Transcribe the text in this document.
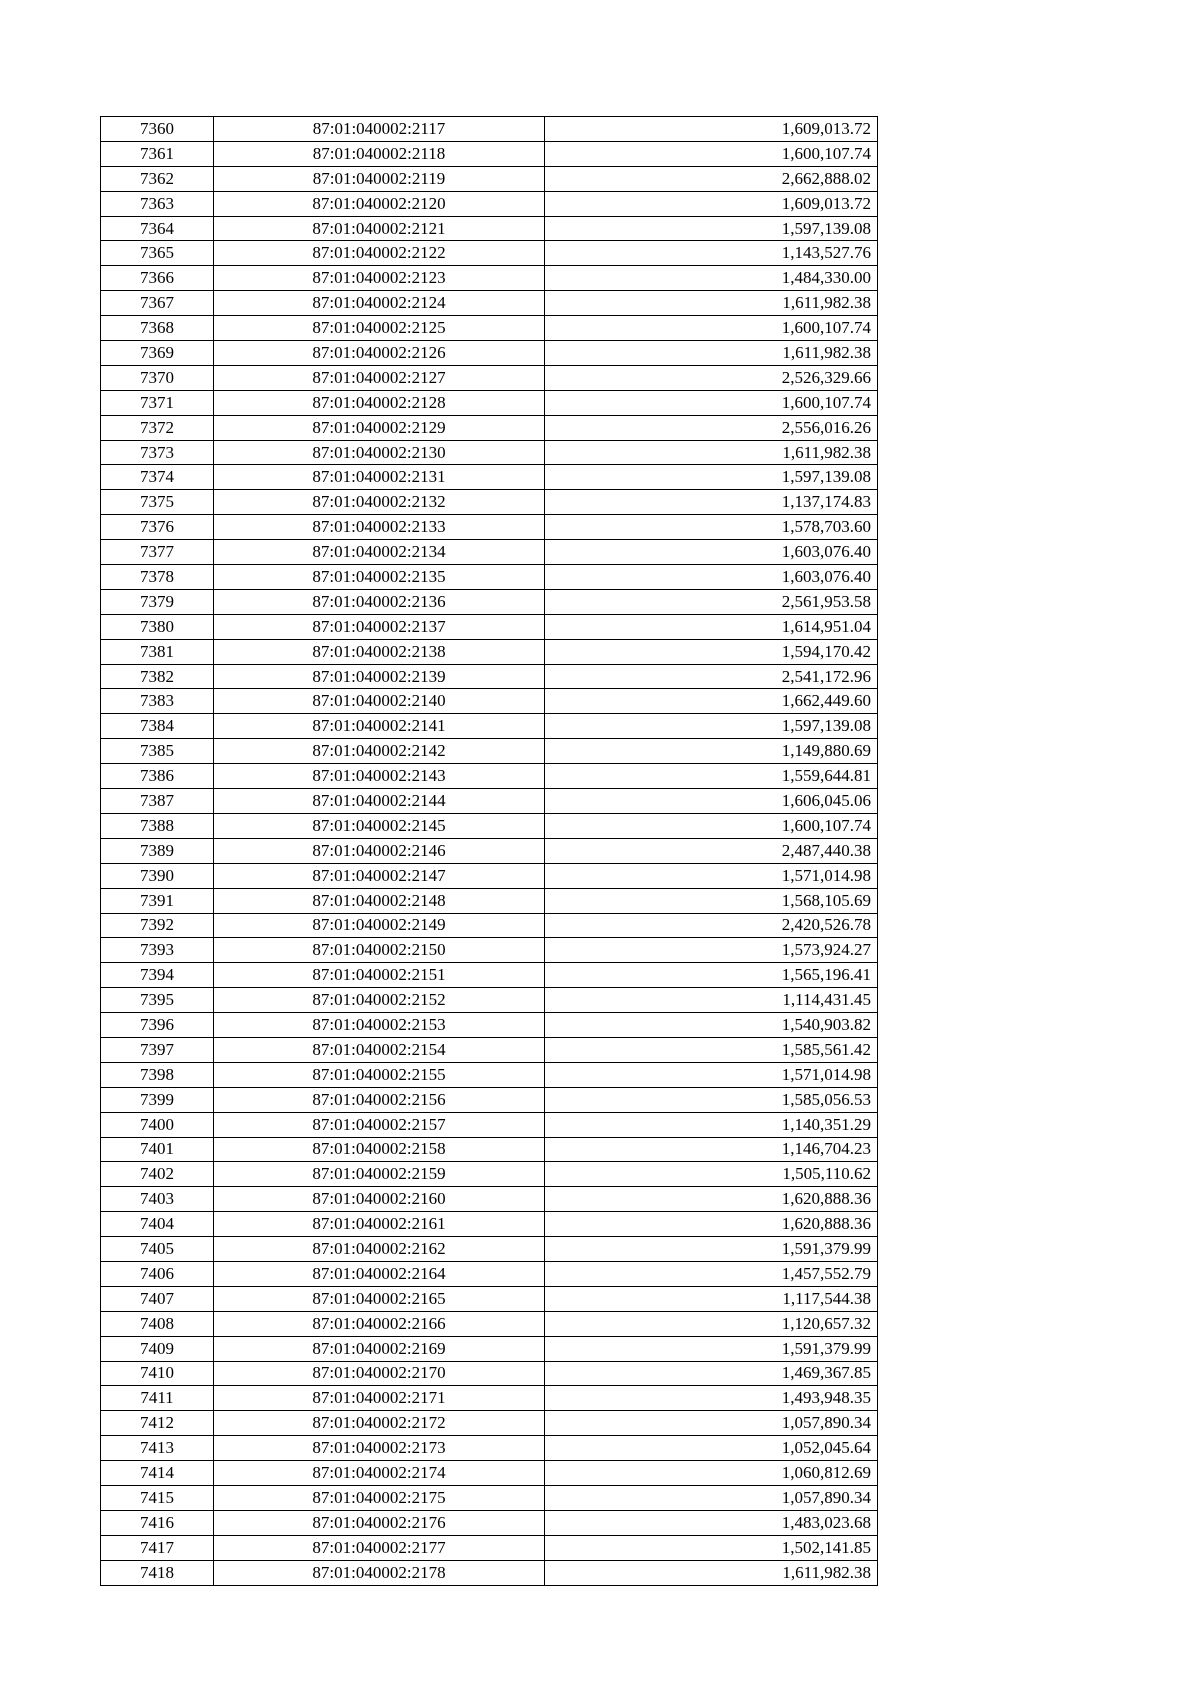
7360	87:01:040002:2117	1,609,013.72
7361	87:01:040002:2118	1,600,107.74
7362	87:01:040002:2119	2,662,888.02
7363	87:01:040002:2120	1,609,013.72
7364	87:01:040002:2121	1,597,139.08
7365	87:01:040002:2122	1,143,527.76
7366	87:01:040002:2123	1,484,330.00
7367	87:01:040002:2124	1,611,982.38
7368	87:01:040002:2125	1,600,107.74
7369	87:01:040002:2126	1,611,982.38
7370	87:01:040002:2127	2,526,329.66
7371	87:01:040002:2128	1,600,107.74
7372	87:01:040002:2129	2,556,016.26
7373	87:01:040002:2130	1,611,982.38
7374	87:01:040002:2131	1,597,139.08
7375	87:01:040002:2132	1,137,174.83
7376	87:01:040002:2133	1,578,703.60
7377	87:01:040002:2134	1,603,076.40
7378	87:01:040002:2135	1,603,076.40
7379	87:01:040002:2136	2,561,953.58
7380	87:01:040002:2137	1,614,951.04
7381	87:01:040002:2138	1,594,170.42
7382	87:01:040002:2139	2,541,172.96
7383	87:01:040002:2140	1,662,449.60
7384	87:01:040002:2141	1,597,139.08
7385	87:01:040002:2142	1,149,880.69
7386	87:01:040002:2143	1,559,644.81
7387	87:01:040002:2144	1,606,045.06
7388	87:01:040002:2145	1,600,107.74
7389	87:01:040002:2146	2,487,440.38
7390	87:01:040002:2147	1,571,014.98
7391	87:01:040002:2148	1,568,105.69
7392	87:01:040002:2149	2,420,526.78
7393	87:01:040002:2150	1,573,924.27
7394	87:01:040002:2151	1,565,196.41
7395	87:01:040002:2152	1,114,431.45
7396	87:01:040002:2153	1,540,903.82
7397	87:01:040002:2154	1,585,561.42
7398	87:01:040002:2155	1,571,014.98
7399	87:01:040002:2156	1,585,056.53
7400	87:01:040002:2157	1,140,351.29
7401	87:01:040002:2158	1,146,704.23
7402	87:01:040002:2159	1,505,110.62
7403	87:01:040002:2160	1,620,888.36
7404	87:01:040002:2161	1,620,888.36
7405	87:01:040002:2162	1,591,379.99
7406	87:01:040002:2164	1,457,552.79
7407	87:01:040002:2165	1,117,544.38
7408	87:01:040002:2166	1,120,657.32
7409	87:01:040002:2169	1,591,379.99
7410	87:01:040002:2170	1,469,367.85
7411	87:01:040002:2171	1,493,948.35
7412	87:01:040002:2172	1,057,890.34
7413	87:01:040002:2173	1,052,045.64
7414	87:01:040002:2174	1,060,812.69
7415	87:01:040002:2175	1,057,890.34
7416	87:01:040002:2176	1,483,023.68
7417	87:01:040002:2177	1,502,141.85
7418	87:01:040002:2178	1,611,982.38
